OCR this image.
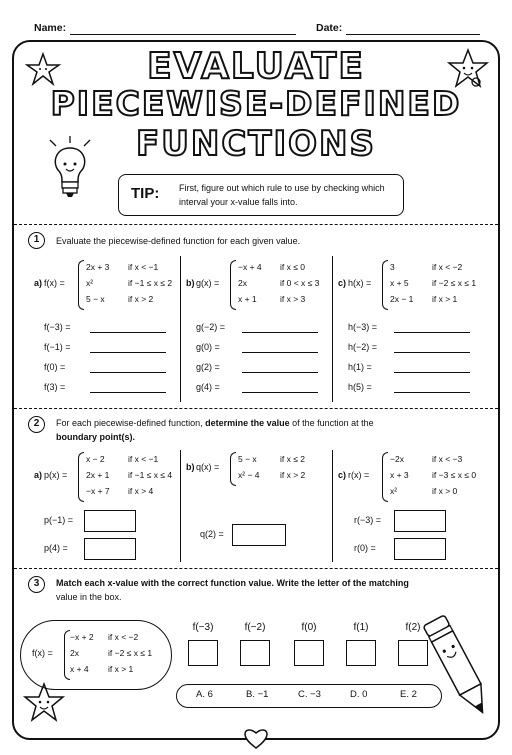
Name:	Date:
EVALUATE
PIECEWISE-DEFINED
FUNCTIONS
TIP: First, figure out which rule to use by checking which interval your x-value falls into.
1	Evaluate the piecewise-defined function for each given value.
a) f(x) =
2x + 3 if x < −1
x²	if −1 ≤ x ≤ 2
5 − x	if x > 2
f(−3) =
f(−1) =
f(0) =
f(3) =
b) g(x) =
−x + 4 if x ≤ 0
2x	if 0 < x ≤ 3
x + 1	if x > 3
g(−2) =
g(0) =
g(2) =
g(4) =
c) h(x) =
3	if x < −2
x + 5	if −2 ≤ x ≤ 1
2x − 1 if x > 1
h(−3) =
h(−2) =
h(1) =
h(5) =
2	For each piecewise-defined function, determine the value of the function at the
boundary point(s).
a) p(x) =
x − 2	if x < −1
2x + 1 if −1 ≤ x ≤ 4
−x + 7 if x > 4
p(−1) =
p(4) =
b) q(x) =
5 − x	if x ≤ 2
x² − 4 if x > 2
q(2) =
c) r(x) =
−2x	if x < −3
x + 3	if −3 ≤ x ≤ 0
x²	if x > 0
r(−3) =
r(0) =
3	Match each x-value with the correct function value. Write the letter of the matching
value in the box.
f(x) =
−x + 2 if x < −2
2x	if −2 ≤ x ≤ 1
x + 4 if x > 1
f(−3)	f(−2)	f(0)	f(1)	f(2)
A. 6	B. −1	C. −3	D. 0	E. 2
